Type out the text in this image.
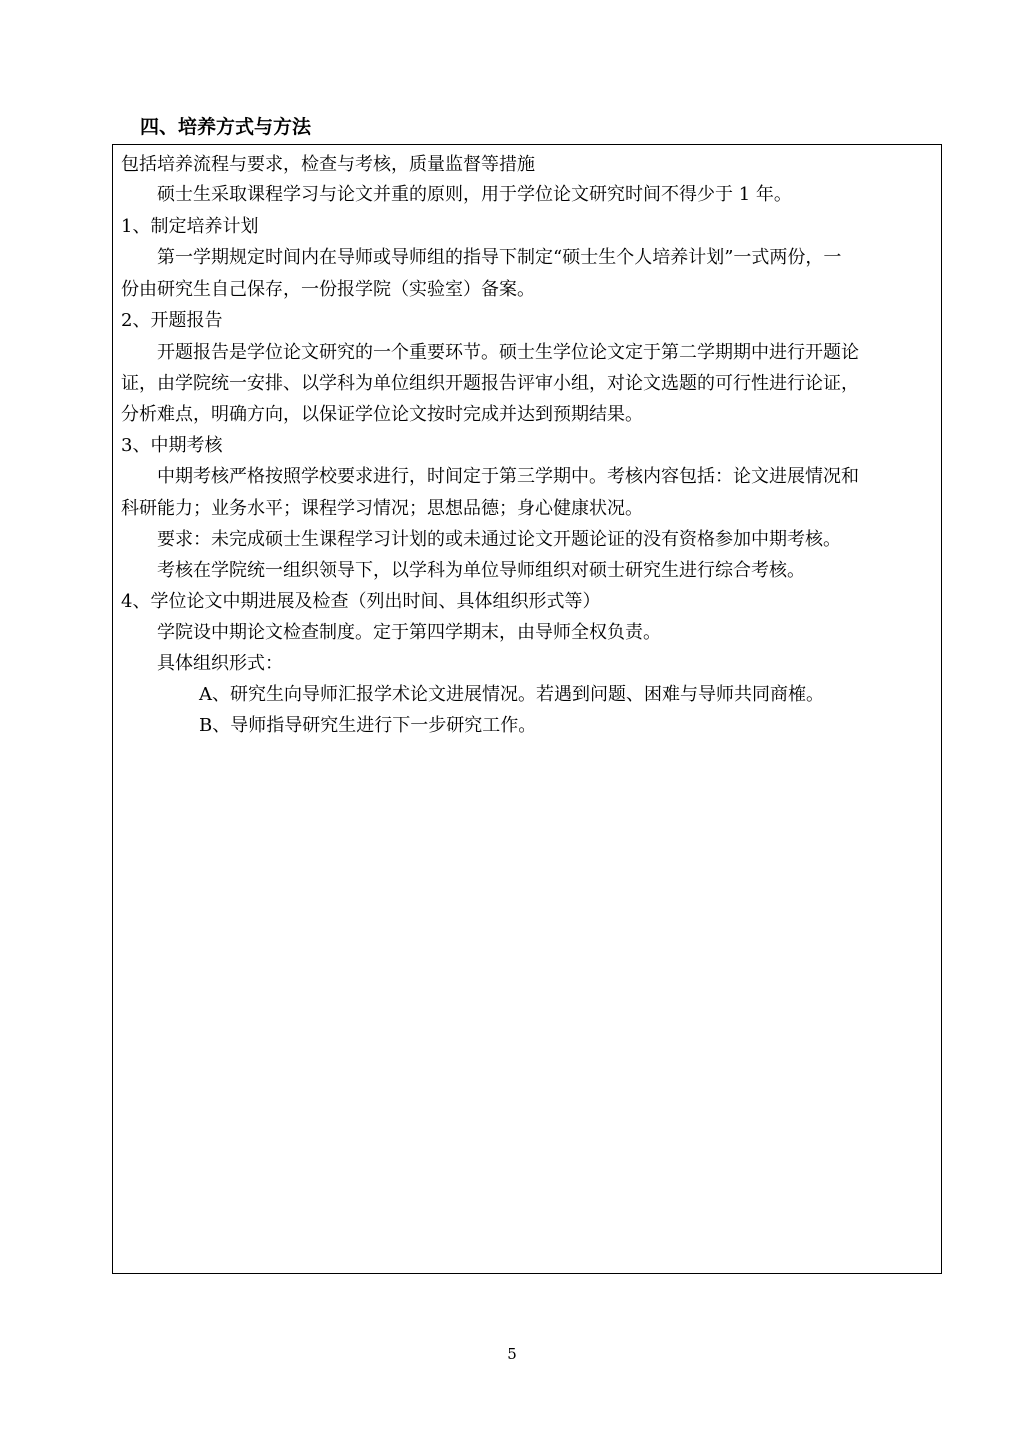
四、培养方式与方法
包括培养流程与要求，检查与考核，质量监督等措施
硕士生采取课程学习与论文并重的原则，用于学位论文研究时间不得少于 1 年。
1、制定培养计划
第一学期规定时间内在导师或导师组的指导下制定“硕士生个人培养计划”一式两份，一
份由研究生自己保存，一份报学院（实验室）备案。
2、开题报告
开题报告是学位论文研究的一个重要环节。硕士生学位论文定于第二学期期中进行开题论
证，由学院统一安排、以学科为单位组织开题报告评审小组，对论文选题的可行性进行论证，
分析难点，明确方向，以保证学位论文按时完成并达到预期结果。
3、中期考核
中期考核严格按照学校要求进行，时间定于第三学期中。考核内容包括：论文进展情况和
科研能力；业务水平；课程学习情况；思想品德；身心健康状况。
要求：未完成硕士生课程学习计划的或未通过论文开题论证的没有资格参加中期考核。
考核在学院统一组织领导下，以学科为单位导师组织对硕士研究生进行综合考核。
4、学位论文中期进展及检查（列出时间、具体组织形式等）
学院设中期论文检查制度。定于第四学期末，由导师全权负责。
具体组织形式：
A、研究生向导师汇报学术论文进展情况。若遇到问题、困难与导师共同商榷。
B、导师指导研究生进行下一步研究工作。
5
